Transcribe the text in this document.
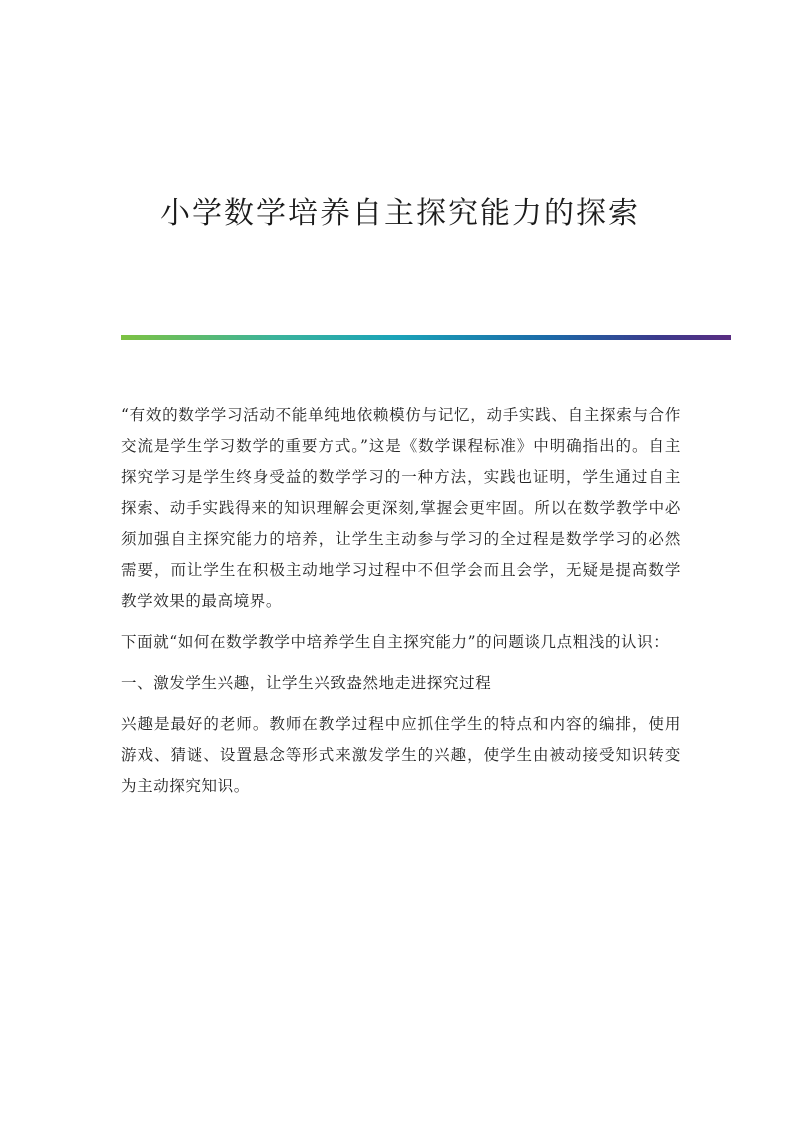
小学数学培养自主探究能力的探索

“有效的数学学习活动不能单纯地依赖模仿与记忆，动手实践、自主探索与合作交流是学生学习数学的重要方式。”这是《数学课程标准》中明确指出的。自主探究学习是学生终身受益的数学学习的一种方法，实践也证明，学生通过自主探索、动手实践得来的知识理解会更深刻,掌握会更牢固。所以在数学教学中必须加强自主探究能力的培养，让学生主动参与学习的全过程是数学学习的必然需要，而让学生在积极主动地学习过程中不但学会而且会学，无疑是提高数学教学效果的最高境界。

下面就“如何在数学教学中培养学生自主探究能力”的问题谈几点粗浅的认识：

一、激发学生兴趣，让学生兴致盎然地走进探究过程

兴趣是最好的老师。教师在教学过程中应抓住学生的特点和内容的编排，使用游戏、猜谜、设置悬念等形式来激发学生的兴趣，使学生由被动接受知识转变为主动探究知识。
